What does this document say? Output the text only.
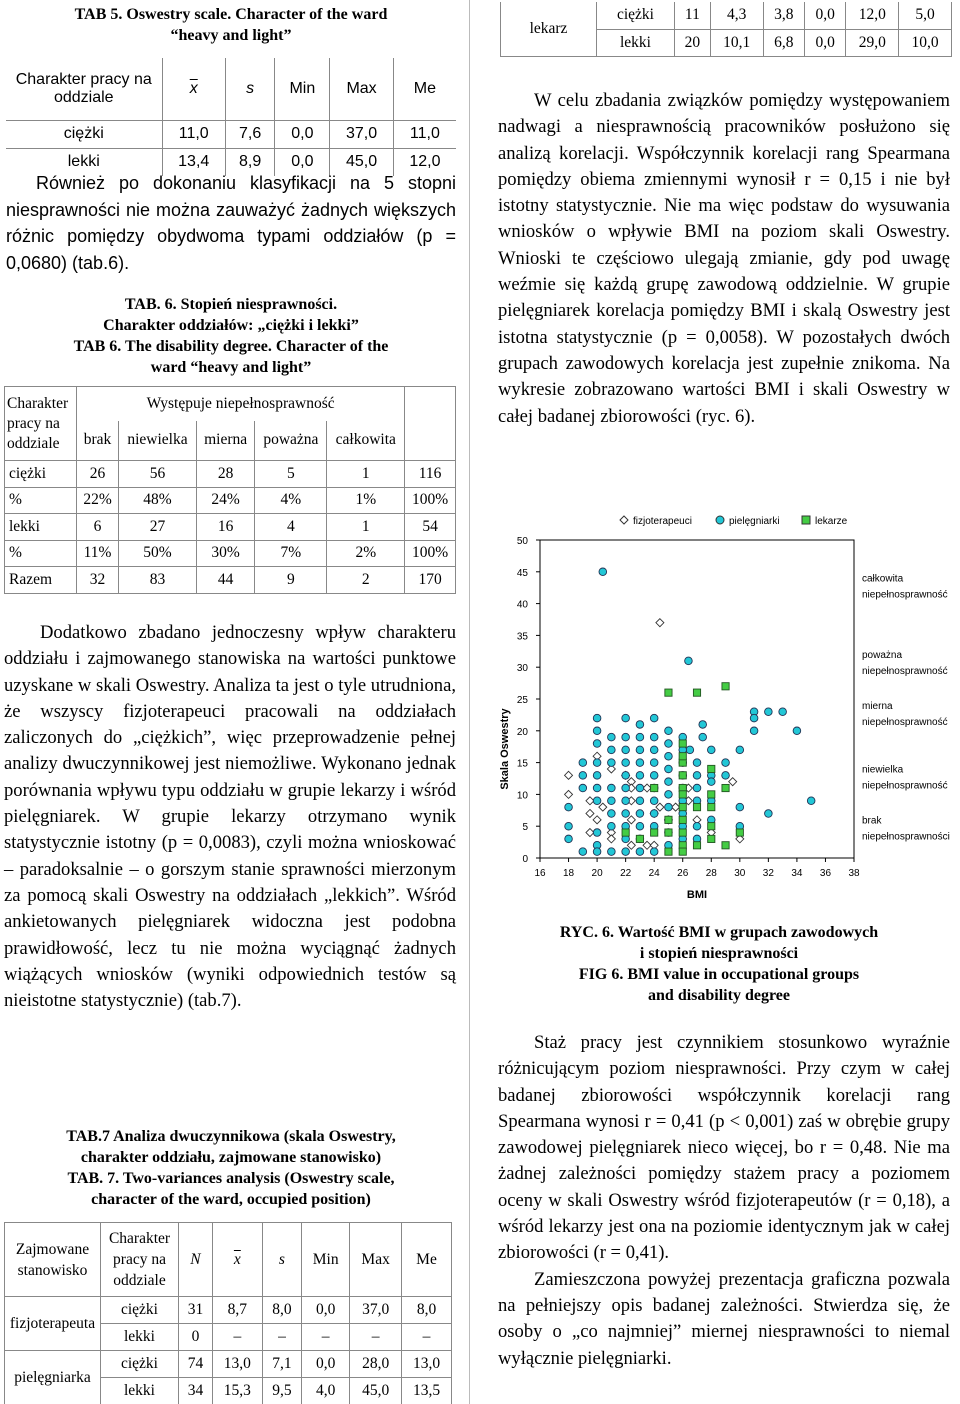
TAB 5. Oswestry scale. Character of the ward
“heavy and light”
Charakter pracy na oddziale	$\overline{x}$	s	Min	Max	Me
ciężki	11,0	7,6	0,0	37,0	11,0
lekki	13,4	8,9	0,0	45,0	12,0

Również po dokonaniu klasyfikacji na 5 stopni niesprawności nie można zauważyć żadnych większych różnic pomiędzy obydwoma typami oddziałów (p = 0,0680) (tab.6).

TAB. 6. Stopień niesprawności.
Charakter oddziałów: „ciężki i lekki”
TAB 6. The disability degree. Character of the
ward “heavy and light”
Charakter pracy na oddziale	Występuje niepełnosprawność					
	brak	niewielka	mierna	poważna	całkowita	
ciężki	26	56	28	5	1	116
%	22%	48%	24%	4%	1%	100%
lekki	6	27	16	4	1	54
%	11%	50%	30%	7%	2%	100%
Razem	32	83	44	9	2	170

Dodatkowo zbadano jednoczesny wpływ charakteru oddziału i zajmowanego stanowiska na wartości punktowe uzyskane w skali Oswestry. Analiza ta jest o tyle utrudniona, że wszyscy fizjoterapeuci pracowali na oddziałach zaliczonych do „ciężkich”, więc przeprowadzenie pełnej analizy dwuczynnikowej jest niemożliwe. Wykonano jednak porównania wpływu typu oddziału w grupie lekarzy i wśród pielęgniarek. W grupie lekarzy otrzymano wynik statystycznie istotny (p = 0,0083), czyli można wnioskować – paradoksalnie – o gorszym stanie sprawności mierzonym za pomocą skali Oswestry na oddziałach „lekkich”. Wśród ankietowanych pielęgniarek widoczna jest podobna prawidłowość, lecz tu nie można wyciągnąć żadnych wiążących wniosków (wyniki odpowiednich testów są nieistotne statystycznie) (tab.7).

TAB.7 Analiza dwuczynnikowa (skala Oswestry,
charakter oddziału, zajmowane stanowisko)
TAB. 7. Two-variances analysis (Oswestry scale,
character of the ward, occupied position)
Zajmowane stanowisko	Charakter pracy na oddziale	N	$\overline{x}$	s	Min	Max	Me
fizjoterapeuta	ciężki	31	8,7	8,0	0,0	37,0	8,0
	lekki	0	–	–	–	–	–
pielęgniarka	ciężki	74	13,0	7,1	0,0	28,0	13,0
	lekki	34	15,3	9,5	4,0	45,0	13,5
lekarz	ciężki	11	4,3	3,8	0,0	12,0	5,0
	lekki	20	10,1	6,8	0,0	29,0	10,0

W celu zbadania związków pomiędzy występowaniem nadwagi a niesprawnością pracowników posłużono się analizą korelacji. Współczynnik korelacji rang Spearmana pomiędzy obiema zmiennymi wynosił r = 0,15 i nie był istotny statystycznie. Nie ma więc podstaw do wysuwania wniosków o wpływie BMI na poziom skali Oswestry. Wnioski te częściowo ulegają zmianie, gdy pod uwagę weźmie się każdą grupę zawodową oddzielnie. W grupie pielęgniarek korelacja pomiędzy BMI i skalą Oswestry jest istotna statystycznie (p = 0,0058). W pozostałych dwóch grupach zawodowych korelacja jest zupełnie znikoma. Na wykresie zobrazowano wartości BMI i skali Oswestry w całej badanej zbiorowości (ryc. 6).

0
5
10
15
20
25
30
35
40
45
50
16 18 20 22 24 26 28 30 32 34 36 38
BMI
Skala Oswestry
całkowita
niepełnosprawność
poważna
niepełnosprawność
mierna
niepełnosprawność
niewielka
niepełnosprawność
brak
niepełnosprawności
fizjoterapeuci	pielęgniarki	lekarze
RYC. 6. Wartość BMI w grupach zawodowych
i stopień niesprawności
FIG 6. BMI value in occupational groups
and disability degree

Staż pracy jest czynnikiem stosunkowo wyraźnie różnicującym poziom niesprawności. Przy czym w całej badanej zbiorowości współczynnik korelacji rang Spearmana wynosi r = 0,41 (p < 0,001) zaś w obrębie grupy zawodowej pielęgniarek nieco więcej, bo r = 0,48. Nie ma żadnej zależności pomiędzy stażem pracy a poziomem oceny w skali Oswestry wśród fizjoterapeutów (r = 0,18), a wśród lekarzy jest ona na poziomie identycznym jak w całej zbiorowości (r = 0,41).

Zamieszczona powyżej prezentacja graficzna pozwala na pełniejszy opis badanej zależności. Stwierdza się, że osoby o „co najmniej” miernej niesprawności to niemal wyłącznie pielęgniarki.
